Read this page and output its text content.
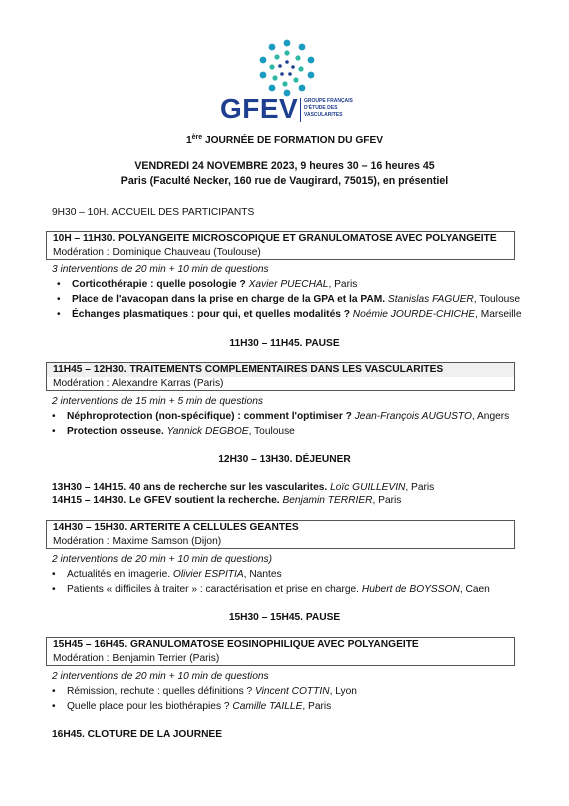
GFEV GROUPE FRANÇAIS
D'ÉTUDE DES
VASCULARITES
1ère JOURNÉE DE FORMATION DU GFEV
VENDREDI 24 NOVEMBRE 2023, 9 heures 30 – 16 heures 45
Paris (Faculté Necker, 160 rue de Vaugirard, 75015), en présentiel
9H30 – 10H. ACCUEIL DES PARTICIPANTS
10H – 11H30. POLYANGEITE MICROSCOPIQUE ET GRANULOMATOSE AVEC POLYANGEITE
Modération : Dominique Chauveau (Toulouse)
3 interventions de 20 min + 10 min de questions
Corticothérapie : quelle posologie ? Xavier PUECHAL, Paris
Place de l'avacopan dans la prise en charge de la GPA et la PAM. Stanislas FAGUER, Toulouse
Échanges plasmatiques : pour qui, et quelles modalités ? Noémie JOURDE-CHICHE, Marseille
11H30 – 11H45. PAUSE
11H45 – 12H30. TRAITEMENTS COMPLEMENTAIRES DANS LES VASCULARITES
Modération : Alexandre Karras (Paris)
2 interventions de 15 min + 5 min de questions
Néphroprotection (non-spécifique) : comment l'optimiser ? Jean-François AUGUSTO, Angers
Protection osseuse. Yannick DEGBOE, Toulouse
12H30 – 13H30. DÉJEUNER
13H30 – 14H15. 40 ans de recherche sur les vascularites. Loïc GUILLEVIN, Paris
14H15 – 14H30. Le GFEV soutient la recherche. Benjamin TERRIER, Paris
14H30 – 15H30. ARTERITE A CELLULES GEANTES
Modération : Maxime Samson (Dijon)
2 interventions de 20 min + 10 min de questions)
Actualités en imagerie. Olivier ESPITIA, Nantes
Patients « difficiles à traiter » : caractérisation et prise en charge. Hubert de BOYSSON, Caen
15H30 – 15H45. PAUSE
15H45 – 16H45. GRANULOMATOSE EOSINOPHILIQUE AVEC POLYANGEITE
Modération : Benjamin Terrier (Paris)
2 interventions de 20 min + 10 min de questions
Rémission, rechute : quelles définitions ? Vincent COTTIN, Lyon
Quelle place pour les biothérapies ? Camille TAILLE, Paris
16H45. CLOTURE DE LA JOURNEE
